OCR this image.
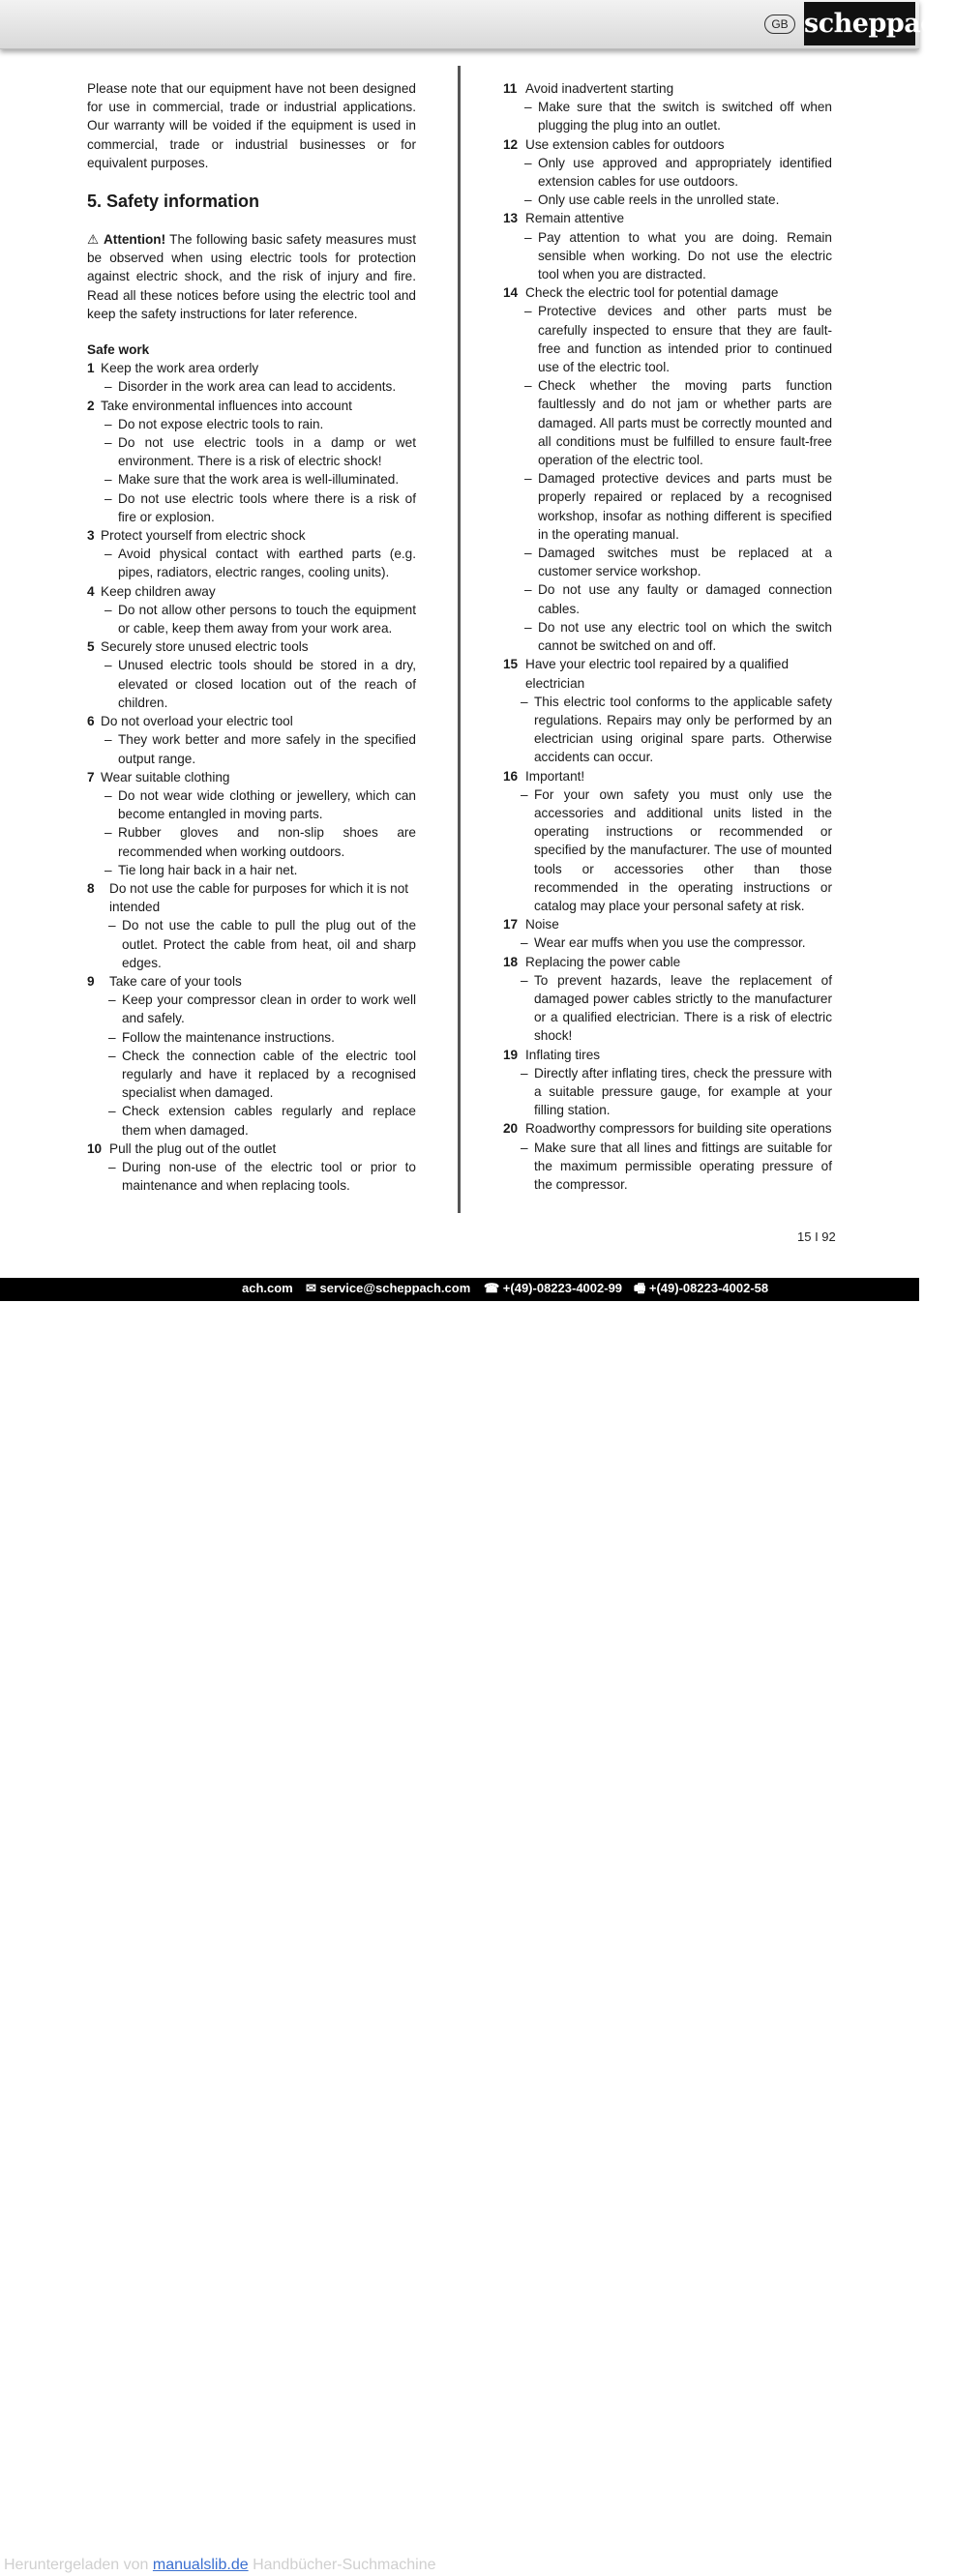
GB scheppach

Please note that our equipment have not been designed for use in commercial, trade or industrial applications. Our warranty will be voided if the equipment is used in commercial, trade or industrial businesses or for equivalent purposes.

5. Safety information

⚠ Attention! The following basic safety measures must be observed when using electric tools for protection against electric shock, and the risk of injury and fire. Read all these notices before using the electric tool and keep the safety instructions for later reference.

Safe work
1 Keep the work area orderly
– Disorder in the work area can lead to accidents.
2 Take environmental influences into account
– Do not expose electric tools to rain.
– Do not use electric tools in a damp or wet environment. There is a risk of electric shock!
– Make sure that the work area is well-illuminated.
– Do not use electric tools where there is a risk of fire or explosion.
3 Protect yourself from electric shock
– Avoid physical contact with earthed parts (e.g. pipes, radiators, electric ranges, cooling units).
4 Keep children away
– Do not allow other persons to touch the equipment or cable, keep them away from your work area.
5 Securely store unused electric tools
– Unused electric tools should be stored in a dry, elevated or closed location out of the reach of children.
6 Do not overload your electric tool
– They work better and more safely in the specified output range.
7 Wear suitable clothing
– Do not wear wide clothing or jewellery, which can become entangled in moving parts.
– Rubber gloves and non-slip shoes are recommended when working outdoors.
– Tie long hair back in a hair net.
8	Do not use the cable for purposes for which it is not intended
– Do not use the cable to pull the plug out of the outlet. Protect the cable from heat, oil and sharp edges.
9	Take care of your tools
– Keep your compressor clean in order to work well and safely.
– Follow the maintenance instructions.
– Check the connection cable of the electric tool regularly and have it replaced by a recognised specialist when damaged.
– Check extension cables regularly and replace them when damaged.
10 Pull the plug out of the outlet
– During non-use of the electric tool or prior to maintenance and when replacing tools.
11 Avoid inadvertent starting
– Make sure that the switch is switched off when plugging the plug into an outlet.
12 Use extension cables for outdoors
– Only use approved and appropriately identified extension cables for use outdoors.
– Only use cable reels in the unrolled state.
13 Remain attentive
– Pay attention to what you are doing. Remain sensible when working. Do not use the electric tool when you are distracted.
14 Check the electric tool for potential damage
– Protective devices and other parts must be carefully inspected to ensure that they are fault-free and function as intended prior to continued use of the electric tool.
– Check whether the moving parts function faultlessly and do not jam or whether parts are damaged. All parts must be correctly mounted and all conditions must be fulfilled to ensure fault-free operation of the electric tool.
– Damaged protective devices and parts must be properly repaired or replaced by a recognised workshop, insofar as nothing different is specified in the operating manual.
– Damaged switches must be replaced at a customer service workshop.
– Do not use any faulty or damaged connection cables.
– Do not use any electric tool on which the switch cannot be switched on and off.
15 Have your electric tool repaired by a qualified electrician
– This electric tool conforms to the applicable safety regulations. Repairs may only be performed by an electrician using original spare parts. Otherwise accidents can occur.
16 Important!
– For your own safety you must only use the accessories and additional units listed in the operating instructions or recommended or specified by the manufacturer. The use of mounted tools or accessories other than those recommended in the operating instructions or catalog may place your personal safety at risk.
17 Noise
– Wear ear muffs when you use the compressor.
18 Replacing the power cable
– To prevent hazards, leave the replacement of damaged power cables strictly to the manufacturer or a qualified electrician. There is a risk of electric shock!
19 Inflating tires
– Directly after inflating tires, check the pressure with a suitable pressure gauge, for example at your filling station.
20 Roadworthy compressors for building site operations
– Make sure that all lines and fittings are suitable for the maximum permissible operating pressure of the compressor.
15 I 92
Heruntergeladen von manualslib.de Handbücher-Suchmachine
ach.com ✉ service@scheppach.com ☎ +(49)-08223-4002-99 🖷 +(49)-08223-4002-58
